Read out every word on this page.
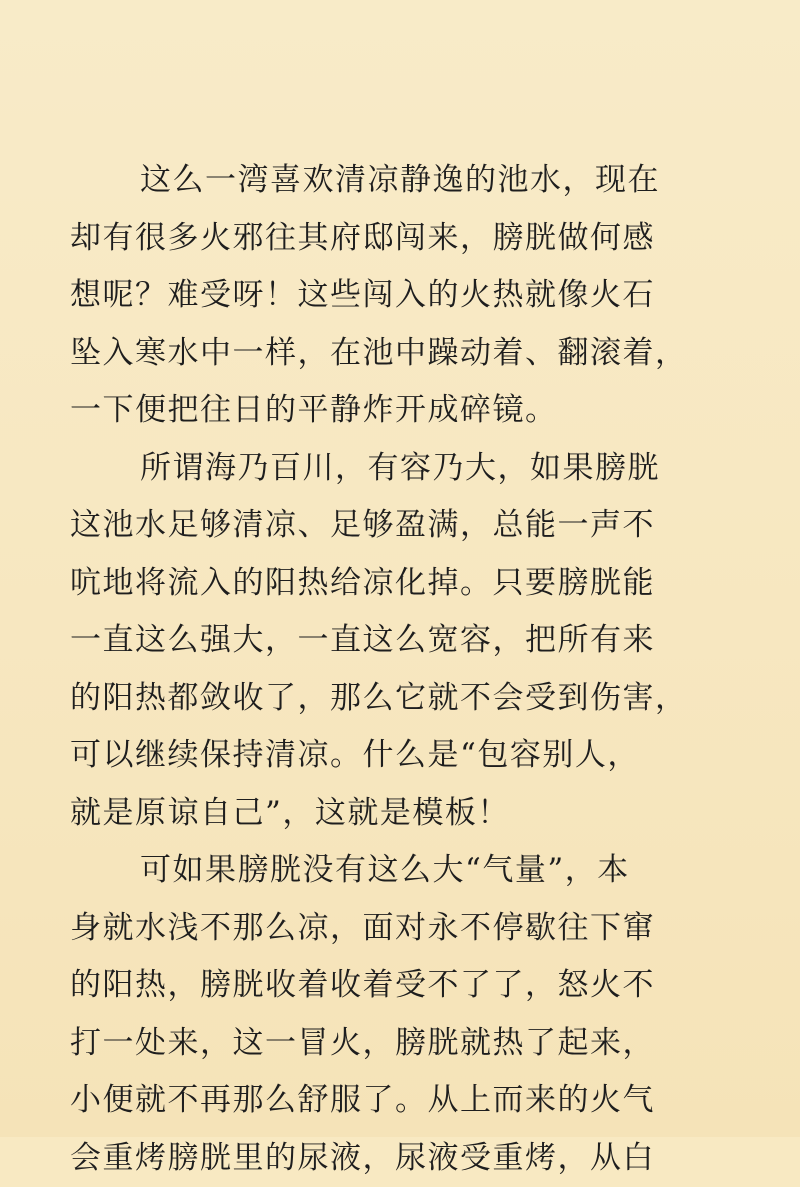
这么一湾喜欢清凉静逸的池水，现在
却有很多火邪往其府邸闯来，膀胱做何感
想呢？难受呀！这些闯入的火热就像火石
坠入寒水中一样，在池中躁动着、翻滚着，
一下便把往日的平静炸开成碎镜。
所谓海乃百川，有容乃大，如果膀胱
这池水足够清凉、足够盈满，总能一声不
吭地将流入的阳热给凉化掉。只要膀胱能
一直这么强大，一直这么宽容，把所有来
的阳热都敛收了，那么它就不会受到伤害，
可以继续保持清凉。什么是“包容别人，
就是原谅自己”，这就是模板！
可如果膀胱没有这么大“气量”，本
身就水浅不那么凉，面对永不停歇往下窜
的阳热，膀胱收着收着受不了了，怒火不
打一处来，这一冒火，膀胱就热了起来，
小便就不再那么舒服了。从上而来的火气
会重烤膀胱里的尿液，尿液受重烤，从白
